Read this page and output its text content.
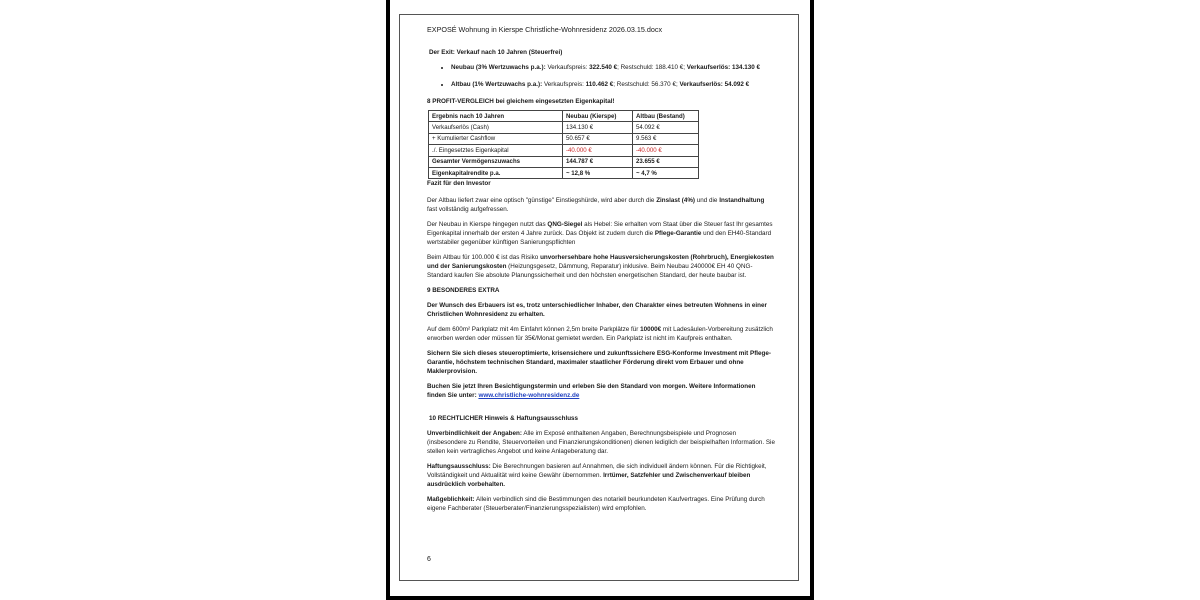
EXPOSÉ Wohnung in Kierspe Christliche-Wohnresidenz 2026.03.15.docx
Der Exit: Verkauf nach 10 Jahren (Steuerfrei)
• Neubau (3% Wertzuwachs p.a.): Verkaufspreis: 322.540 €; Restschuld: 188.410 €; Verkaufserlös: 134.130 €
• Altbau (1% Wertzuwachs p.a.): Verkaufspreis: 110.462 €; Restschuld: 56.370 €; Verkaufserlös: 54.092 €
8 PROFIT-VERGLEICH bei gleichem eingesetzten Eigenkapital!
Ergebnis nach 10 Jahren	Neubau (Kierspe)	Altbau (Bestand)
Verkaufserlös (Cash)	134.130 €	54.092 €
+ Kumulierter Cashflow	50.657 €	9.563 €
./. Eingesetztes Eigenkapital	-40.000 €	-40.000 €
Gesamter Vermögenszuwachs	144.787 €	23.655 €
Eigenkapitalrendite p.a.	~ 12,8 %	~ 4,7 %
Fazit für den Investor
Der Altbau liefert zwar eine optisch "günstige" Einstiegshürde, wird aber durch die Zinslast (4%) und die Instandhaltung fast vollständig aufgefressen.
Der Neubau in Kierspe hingegen nutzt das QNG-Siegel als Hebel: Sie erhalten vom Staat über die Steuer fast Ihr gesamtes Eigenkapital innerhalb der ersten 4 Jahre zurück. Das Objekt ist zudem durch die Pflege-Garantie und den EH40-Standard wertstabiler gegenüber künftigen Sanierungspflichten
Beim Altbau für 100.000 € ist das Risiko unvorhersehbare hohe Hausversicherungskosten (Rohrbruch), Energiekosten und der Sanierungskosten (Heizungsgesetz, Dämmung, Reparatur) inklusive. Beim Neubau 240000€ EH 40 QNG-Standard kaufen Sie absolute Planungssicherheit und den höchsten energetischen Standard, der heute baubar ist.
9 BESONDERES EXTRA
Der Wunsch des Erbauers ist es, trotz unterschiedlicher Inhaber, den Charakter eines betreuten Wohnens in einer Christlichen Wohnresidenz zu erhalten.
Auf dem 600m² Parkplatz mit 4m Einfahrt können 2,5m breite Parkplätze für 10000€ mit Ladesäulen-Vorbereitung zusätzlich erworben werden oder müssen für 35€/Monat gemietet werden. Ein Parkplatz ist nicht im Kaufpreis enthalten.
Sichern Sie sich dieses steueroptimierte, krisensichere und zukunftssichere ESG-Konforme Investment mit Pflege-Garantie, höchstem technischen Standard, maximaler staatlicher Förderung direkt vom Erbauer und ohne Maklerprovision.
Buchen Sie jetzt Ihren Besichtigungstermin und erleben Sie den Standard von morgen. Weitere Informationen finden Sie unter: www.christliche-wohnresidenz.de
10 RECHTLICHER Hinweis & Haftungsausschluss
Unverbindlichkeit der Angaben: Alle im Exposé enthaltenen Angaben, Berechnungsbeispiele und Prognosen (insbesondere zu Rendite, Steuervorteilen und Finanzierungskonditionen) dienen lediglich der beispielhaften Information. Sie stellen kein vertragliches Angebot und keine Anlageberatung dar.
Haftungsausschluss: Die Berechnungen basieren auf Annahmen, die sich individuell ändern können. Für die Richtigkeit, Vollständigkeit und Aktualität wird keine Gewähr übernommen. Irrtümer, Satzfehler und Zwischenverkauf bleiben ausdrücklich vorbehalten.
Maßgeblichkeit: Allein verbindlich sind die Bestimmungen des notariell beurkundeten Kaufvertrages. Eine Prüfung durch eigene Fachberater (Steuerberater/Finanzierungsspezialisten) wird empfohlen.
6
